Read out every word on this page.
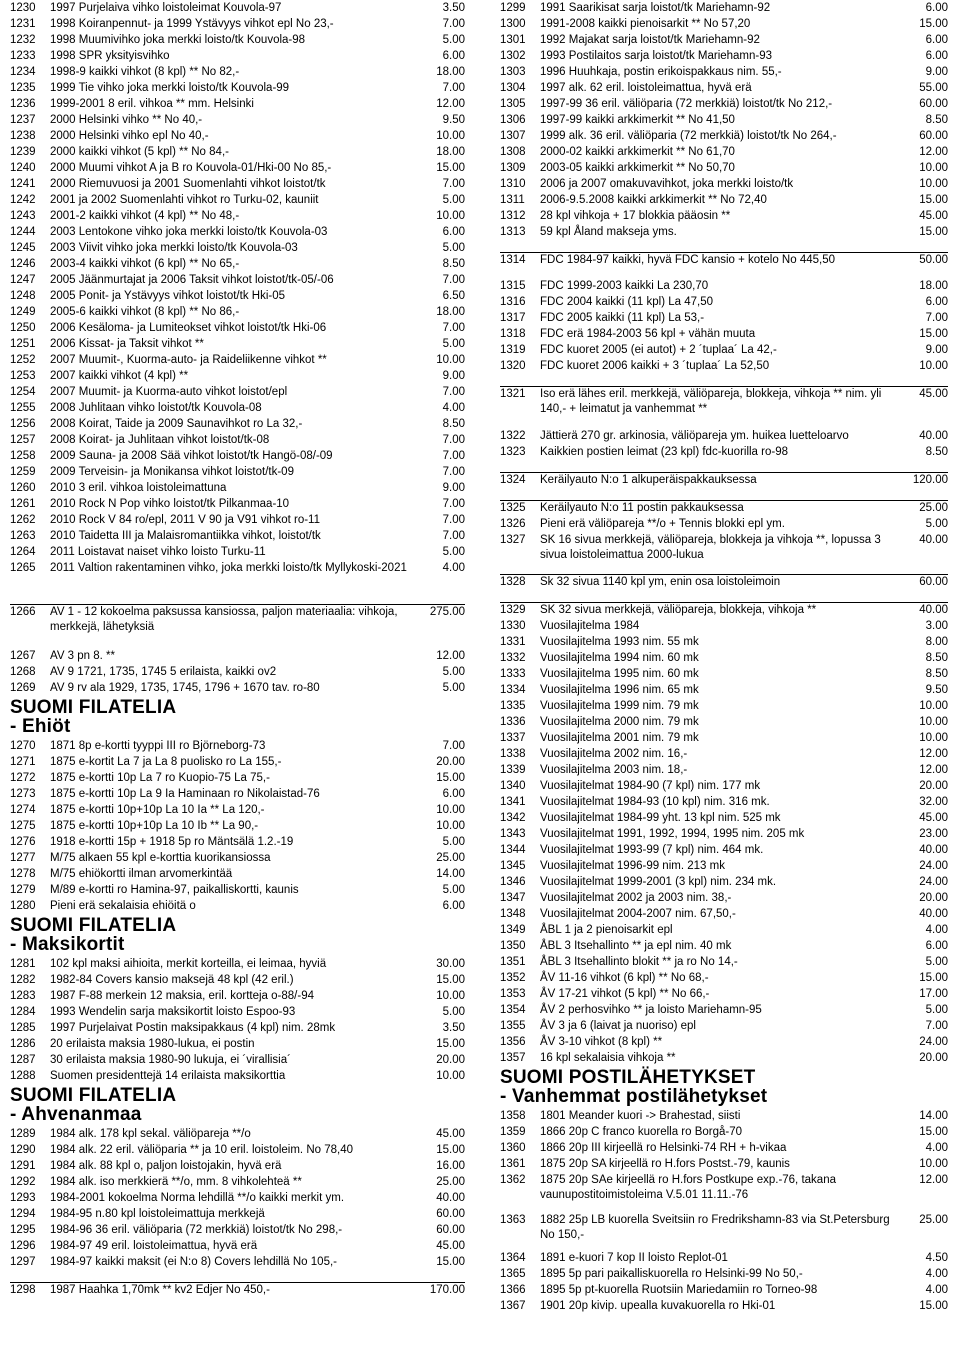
1230	1997 Purjelaiva vihko loistoleimat Kouvola-97	3.50
1231	1998 Koiranpennut- ja 1999 Ystävyys vihkot epl No 23,-	7.00
1232	1998 Muumivihko joka merkki loisto/tk Kouvola-98	5.00
1233	1998 SPR yksityisvihko	6.00
1234	1998-9 kaikki vihkot (8 kpl) ** No 82,-	18.00
1235	1999 Tie vihko joka merkki loisto/tk Kouvola-99	7.00
1236	1999-2001 8 eril. vihkoa ** mm. Helsinki	12.00
1237	2000 Helsinki vihko ** No 40,-	9.50
1238	2000 Helsinki vihko epl No 40,-	10.00
1239	2000 kaikki vihkot (5 kpl) ** No 84,-	18.00
1240	2000 Muumi vihkot A ja B ro Kouvola-01/Hki-00 No 85,-	15.00
1241	2000 Riemuvuosi ja 2001 Suomenlahti vihkot loistot/tk	7.00
1242	2001 ja 2002 Suomenlahti vihkot ro Turku-02, kauniit	5.00
1243	2001-2 kaikki vihkot (4 kpl) ** No 48,-	10.00
1244	2003 Lentokone vihko joka merkki loisto/tk Kouvola-03	6.00
1245	2003 Viivit vihko joka merkki loisto/tk Kouvola-03	5.00
1246	2003-4 kaikki vihkot (6 kpl) ** No 65,-	8.50
1247	2005 Jäänmurtajat ja 2006 Taksit vihkot loistot/tk-05/-06	7.00
1248	2005 Ponit- ja Ystävyys vihkot loistot/tk Hki-05	6.50
1249	2005-6 kaikki vihkot (8 kpl) ** No 86,-	18.00
1250	2006 Kesäloma- ja Lumiteokset vihkot loistot/tk Hki-06	7.00
1251	2006 Kissat- ja Taksit vihkot **	5.00
1252	2007 Muumit-, Kuorma-auto- ja Raideliikenne vihkot **	10.00
1253	2007 kaikki vihkot (4 kpl) **	9.00
1254	2007 Muumit- ja Kuorma-auto vihkot loistot/epl	7.00
1255	2008 Juhlitaan vihko loistot/tk Kouvola-08	4.00
1256	2008 Koirat, Taide ja 2009 Saunavihkot ro La 32,-	8.50
1257	2008 Koirat- ja Juhlitaan vihkot loistot/tk-08	7.00
1258	2009 Sauna- ja 2008 Sää vihkot loistot/tk Hangö-08/-09	7.00
1259	2009 Terveisin- ja Monikansa vihkot loistot/tk-09	7.00
1260	2010 3 eril. vihkoa loistoleimattuna	9.00
1261	2010 Rock N Pop vihko loistot/tk Pilkanmaa-10	7.00
1262	2010 Rock V 84 ro/epl, 2011 V 90 ja V91 vihkot ro-11	7.00
1263	2010 Taidetta III ja Malaisromantiikka vihkot, loistot/tk	7.00
1264	2011 Loistavat naiset vihko loisto Turku-11	5.00
1265	2011 Valtion rakentaminen vihko, joka merkki loisto/tk Myllykoski-2021	4.00
1266	AV 1 - 12 kokoelma paksussa kansiossa, paljon materiaalia: vihkoja, merkkejä, lähetyksiä
275.00
1267	AV 3 pn 8. **	12.00
1268	AV 9 1721, 1735, 1745 5 erilaista, kaikki ov2	5.00
1269	AV 9 rv ala 1929, 1735, 1745, 1796 + 1670 tav. ro-80	5.00
SUOMI FILATELIA
- Ehiöt
1270	1871 8p e-kortti tyyppi III ro Björneborg-73	7.00
1271	1875 e-kortit La 7 ja La 8 puolisko ro La 155,-	20.00
1272	1875 e-kortti 10p La 7 ro Kuopio-75 La 75,-	15.00
1273	1875 e-kortti 10p La 9 Ia Haminaan ro Nikolaistad-76	6.00
1274	1875 e-kortti 10p+10p La 10 Ia ** La 120,-	10.00
1275	1875 e-kortti 10p+10p La 10 Ib ** La 90,-	10.00
1276	1918 e-kortti 15p + 1918 5p ro Mäntsälä 1.2.-19	5.00
1277	M/75 alkaen 55 kpl e-korttia kuorikansiossa	25.00
1278	M/75 ehiökortti ilman arvomerkintää	14.00
1279	M/89 e-kortti ro Hamina-97, paikalliskortti, kaunis	5.00
1280	Pieni erä sekalaisia ehiöitä o	6.00
SUOMI FILATELIA
- Maksikortit
1281	102 kpl maksi aihioita, merkit korteilla, ei leimaa, hyviä	30.00
1282	1982-84 Covers kansio maksejä 48 kpl (42 eril.)	15.00
1283	1987 F-88 merkein 12 maksia, eril. kortteja o-88/-94	10.00
1284	1993 Wendelin sarja maksikortit loisto Espoo-93	5.00
1285	1997 Purjelaivat Postin maksipakkaus (4 kpl) nim. 28mk	3.50
1286	20 erilaista maksia 1980-lukua, ei postin	15.00
1287	30 erilaista maksia 1980-90 lukuja, ei ´virallisia´	20.00
1288	Suomen presidenttejä 14 erilaista maksikorttia	10.00
SUOMI FILATELIA
- Ahvenanmaa
1289	1984 alk. 178 kpl sekal. väliöpareja **/o	45.00
1290	1984 alk. 22 eril. väliöparia ** ja 10 eril. loistoleim. No 78,40	15.00
1291	1984 alk. 88 kpl o, paljon loistojakin, hyvä erä	16.00
1292	1984 alk. iso merkkierä **/o, mm. 8 vihkolehteä **	25.00
1293	1984-2001 kokoelma Norma lehdillä **/o kaikki merkit ym.	40.00
1294	1984-95 n.80 kpl loistoleimattuja merkkejä	60.00
1295	1984-96 36 eril. väliöparia (72 merkkiä) loistot/tk No 298,-	60.00
1296	1984-97 49 eril. loistoleimattua, hyvä erä	45.00
1297	1984-97 kaikki maksit (ei N:o 8) Covers lehdillä No 105,-	15.00
1298	1987 Haahka 1,70mk ** kv2 Edjer No 450,-	170.00
1299	1991 Saarikisat sarja loistot/tk Mariehamn-92	6.00
1300	1991-2008 kaikki pienoisarkit ** No 57,20	15.00
1301	1992 Majakat sarja loistot/tk Mariehamn-92	6.00
1302	1993 Postilaitos sarja loistot/tk Mariehamn-93	6.00
1303	1996 Huuhkaja, postin erikoispakkaus nim. 55,-	9.00
1304	1997 alk. 62 eril. loistoleimattua, hyvä erä	55.00
1305	1997-99 36 eril. väliöparia (72 merkkiä) loistot/tk No 212,-	60.00
1306	1997-99 kaikki arkkimerkit ** No 41,50	8.50
1307	1999 alk. 36 eril. väliöparia (72 merkkiä) loistot/tk No 264,-	60.00
1308	2000-02 kaikki arkkimerkit ** No 61,70	12.00
1309	2003-05 kaikki arkkimerkit ** No 50,70	10.00
1310	2006 ja 2007 omakuvavihkot, joka merkki loisto/tk	10.00
1311	2006-9.5.2008 kaikki arkkimerkit ** No 72,40	15.00
1312	28 kpl vihkoja + 17 blokkia pääosin **	45.00
1313	59 kpl Åland makseja yms.	15.00
1314	FDC 1984-97 kaikki, hyvä FDC kansio + kotelo No 445,50	50.00
1315	FDC 1999-2003 kaikki La 230,70	18.00
1316	FDC 2004 kaikki (11 kpl) La 47,50	6.00
1317	FDC 2005 kaikki (11 kpl) La 53,-	7.00
1318	FDC erä 1984-2003 56 kpl + vähän muuta	15.00
1319	FDC kuoret 2005 (ei autot) + 2 ´tuplaa´ La 42,-	9.00
1320	FDC kuoret 2006 kaikki + 3 ´tuplaa´ La 52,50	10.00
1321	Iso erä lähes eril. merkkejä, väliöpareja, blokkeja, vihkoja ** nim. yli 140,- + leimatut ja vanhemmat **
45.00
1322	Jättierä 270 gr. arkinosia, väliöpareja ym. huikea luetteloarvo	40.00
1323	Kaikkien postien leimat (23 kpl) fdc-kuorilla ro-98	8.50
1324	Keräilyauto N:o 1 alkuperäispakkauksessa	120.00
1325	Keräilyauto N:o 11 postin pakkauksessa	25.00
1326	Pieni erä väliöpareja **/o + Tennis blokki epl ym.	5.00
1327	SK 16 sivua merkkejä, väliöpareja, blokkeja ja vihkoja **, lopussa 3 sivua loistoleimattua 2000-lukua
40.00
1328	Sk 32 sivua 1140 kpl ym, enin osa loistoleimoin	60.00
1329	SK 32 sivua merkkejä, väliöpareja, blokkeja, vihkoja **	40.00
1330	Vuosilajitelma 1984	3.00
1331	Vuosilajitelma 1993 nim. 55 mk	8.00
1332	Vuosilajitelma 1994 nim. 60 mk	8.50
1333	Vuosilajitelma 1995 nim. 60 mk	8.50
1334	Vuosilajitelma 1996 nim. 65 mk	9.50
1335	Vuosilajitelma 1999 nim. 79 mk	10.00
1336	Vuosilajitelma 2000 nim. 79 mk	10.00
1337	Vuosilajitelma 2001 nim. 79 mk	10.00
1338	Vuosilajitelma 2002 nim. 16,-	12.00
1339	Vuosilajitelma 2003 nim. 18,-	12.00
1340	Vuosilajitelmat 1984-90 (7 kpl) nim. 177 mk	20.00
1341	Vuosilajitelmat 1984-93 (10 kpl) nim. 316 mk.	32.00
1342	Vuosilajitelmat 1984-99 yht. 13 kpl nim. 525 mk	45.00
1343	Vuosilajitelmat 1991, 1992, 1994, 1995 nim. 205 mk	23.00
1344	Vuosilajitelmat 1993-99 (7 kpl) nim. 464 mk.	40.00
1345	Vuosilajitelmat 1996-99 nim. 213 mk	24.00
1346	Vuosilajitelmat 1999-2001 (3 kpl) nim. 234 mk.	24.00
1347	Vuosilajitelmat 2002 ja 2003 nim. 38,-	20.00
1348	Vuosilajitelmat 2004-2007 nim. 67,50,-	40.00
1349	ÅBL 1 ja 2 pienoisarkit epl	4.00
1350	ÅBL 3 Itsehallinto ** ja epl nim. 40 mk	6.00
1351	ÅBL 3 Itsehallinto blokit ** ja ro No 14,-	5.00
1352	ÅV 11-16 vihkot (6 kpl) ** No 68,-	15.00
1353	ÅV 17-21 vihkot (5 kpl) ** No 66,-	17.00
1354	ÅV 2 perhosvihko ** ja loisto Mariehamn-95	5.00
1355	ÅV 3 ja 6 (laivat ja nuoriso) epl	7.00
1356	ÅV 3-10 vihkot (8 kpl) **	24.00
1357	16 kpl sekalaisia vihkoja **	20.00
SUOMI POSTILÄHETYKSET
- Vanhemmat postilähetykset
1358	1801 Meander kuori -> Brahestad, siisti	14.00
1359	1866 20p C franco kuorella ro Borgå-70	15.00
1360	1866 20p III kirjeellä ro Helsinki-74 RH + h-vikaa	4.00
1361	1875 20p SA kirjeellä ro H.fors Postst.-79, kaunis	10.00
1362	1875 20p SAe kirjeellä ro H.fors Postkupe exp.-76, takana vaunupostitoimistoleima V.5.01 11.11.-76
12.00
1363	1882 25p LB kuorella Sveitsiin ro Fredrikshamn-83 via St.Petersburg No 150,-
25.00
1364	1891 e-kuori 7 kop II loisto Replot-01	4.50
1365	1895 5p pari paikalliskuorella ro Helsinki-99 No 50,-	4.00
1366	1895 5p pt-kuorella Ruotsiin Mariedamiin ro Torneo-98	4.00
1367	1901 20p kivip. upealla kuvakuorella ro Hki-01	15.00
